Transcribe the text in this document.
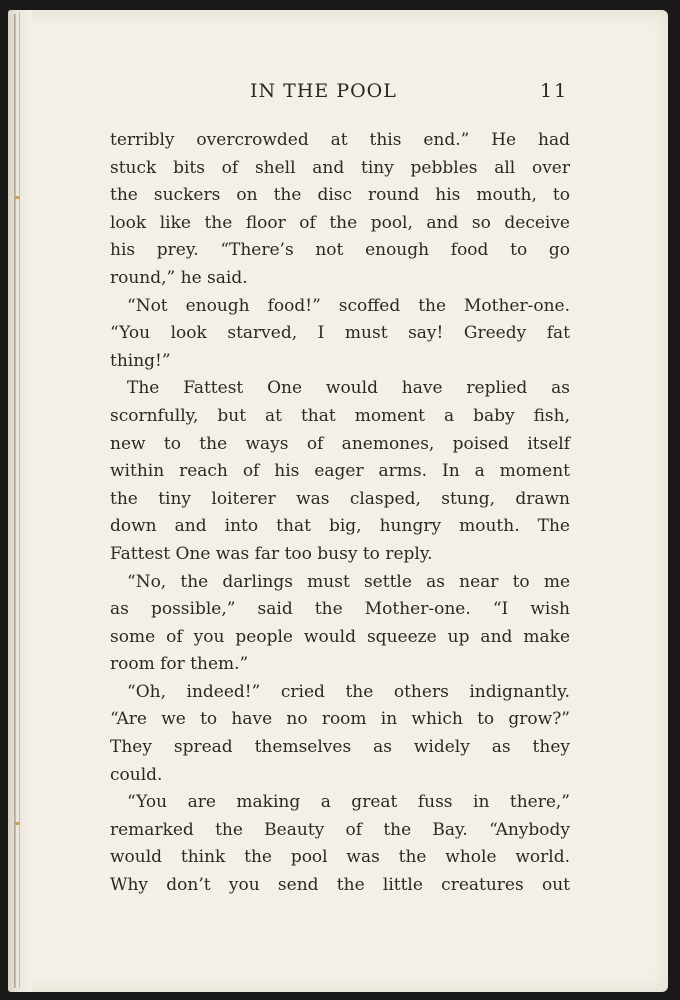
IN THE POOL	11
terribly overcrowded at this end.” He had
stuck bits of shell and tiny pebbles all over
the suckers on the disc round his mouth, to
look like the floor of the pool, and so deceive
his prey. “There’s not enough food to go
round,” he said.
“Not enough food!” scoffed the Mother-one.
“You look starved, I must say! Greedy fat
thing!”
The Fattest One would have replied as
scornfully, but at that moment a baby fish,
new to the ways of anemones, poised itself
within reach of his eager arms. In a moment
the tiny loiterer was clasped, stung, drawn
down and into that big, hungry mouth. The
Fattest One was far too busy to reply.
“No, the darlings must settle as near to me
as possible,” said the Mother-one. “I wish
some of you people would squeeze up and make
room for them.”
“Oh, indeed!” cried the others indignantly.
“Are we to have no room in which to grow?”
They spread themselves as widely as they
could.
“You are making a great fuss in there,”
remarked the Beauty of the Bay. “Anybody
would think the pool was the whole world.
Why don’t you send the little creatures out
